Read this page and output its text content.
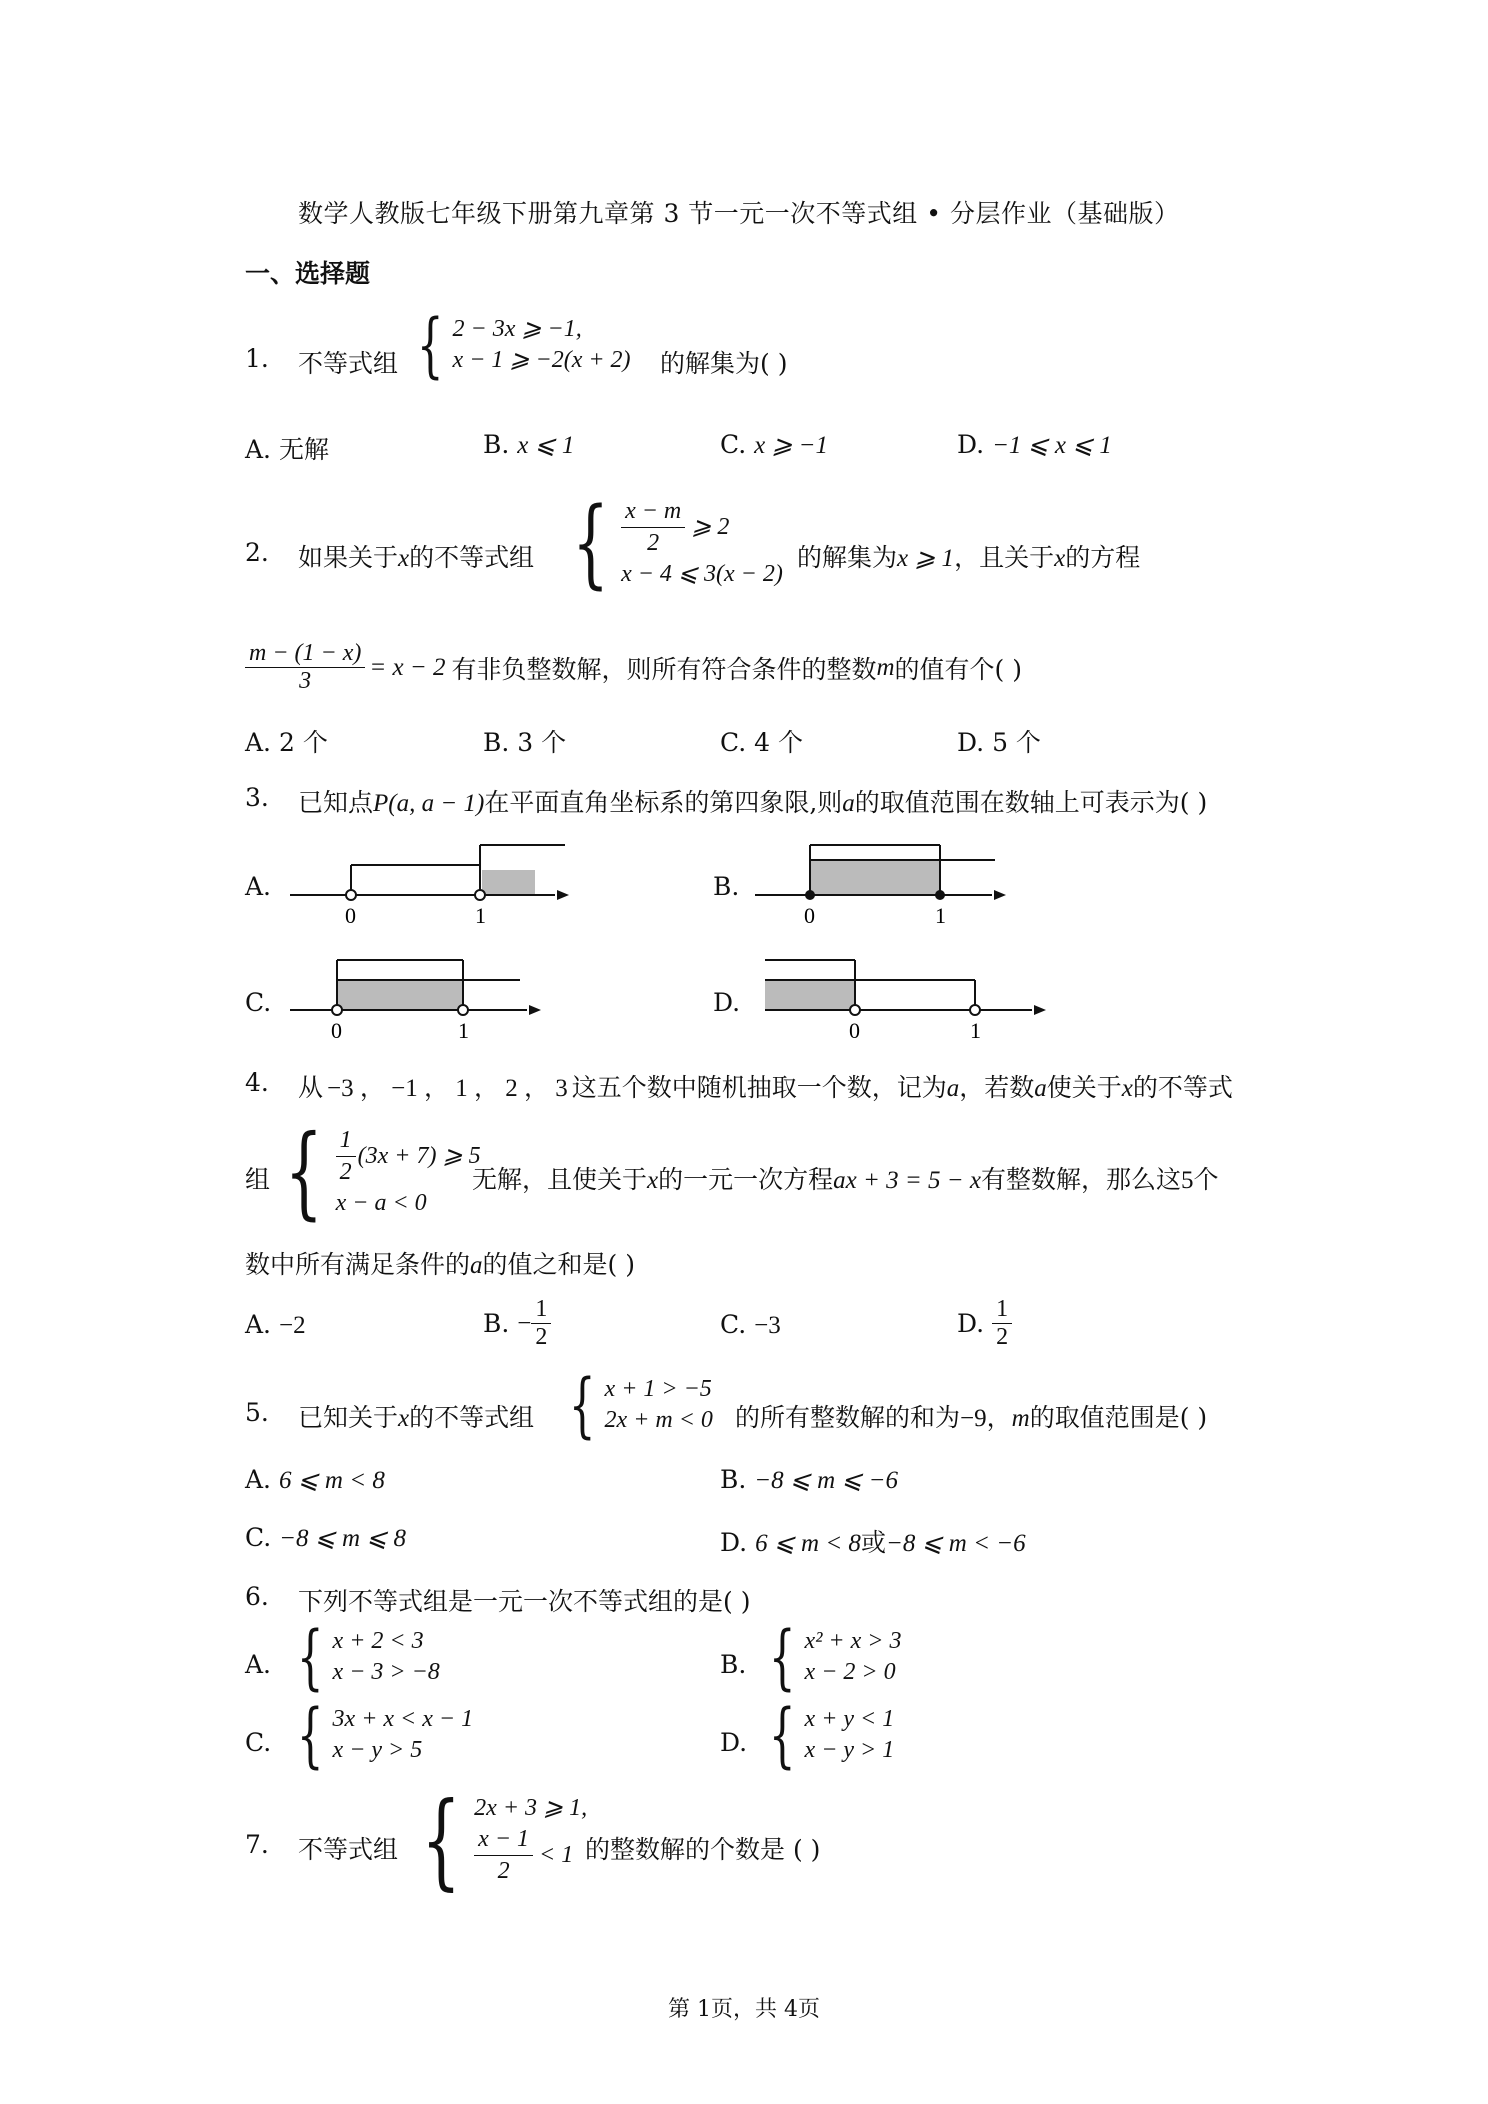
数学人教版七年级下册第九章第 3 节一元一次不等式组 • 分层作业（基础版）
一、选择题
1. 不等式组 { 2 − 3x ⩾ −1,
x − 1 ⩾ −2(x + 2) 的解集为( )
A. 无解	B. x ⩽ 1	C. x ⩾ −1	D. −1 ⩽ x ⩽ 1
2. 如果关于x的不等式组 { $\frac{x - m}{2}$ ⩾ 2
x − 4 ⩽ 3(x − 2)
的解集为x ⩾ 1，且关于x的方程
$\frac{m - (1 - x)}{3} = x - 2$ 有非负整数解，则所有符合条件的整数 m 的值有个( )
A. 2 个	B. 3 个	C. 4 个	D. 5 个
3. 已知点P(a, a − 1)在平面直角坐标系的第四象限,则a的取值范围在数轴上可表示为( )
A.
0	1
B.
0	1
C.
0	1
D.
0	1
4. 从 −3 ， −1 ， 1 ， 2 ， 3 这五个数中随机抽取一个数，记为a，若数a使关于x的不等式
组 { $\frac{1}{2} (3x + 7)$ ⩾ 5
x − a < 0
无解，且使关于x的一元一次方程ax + 3 = 5 − x有整数解，那么这5个
数中所有满足条件的a的值之和是( )
A. −2	B.
− $\frac{1}{2}$	C. −3	D.
$\frac{1}{2}$
5. 已知关于x的不等式组 { x + 1 > −5
2x + m < 0 的所有整数解的和为−9，m的取值范围是( )
A. 6 ⩽ m < 8	B. −8 ⩽ m ⩽ −6
C. −8 ⩽ m ⩽ 8	D. 6 ⩽ m < 8或−8 ⩽ m < −6
6. 下列不等式组是一元一次不等式组的是( )
A. { x + 2 < 3
x − 3 > −8	B. { x² + x > 3
x − 2 > 0
C. { 3x + x < x − 1
x − y > 5	D. { x + y < 1
x − y > 1
7. 不等式组 { 2x + 3 ⩾ 1,
$\frac{x - 1}{2} < 1$ 的整数解的个数是 ( )
第 1页，共 4页
